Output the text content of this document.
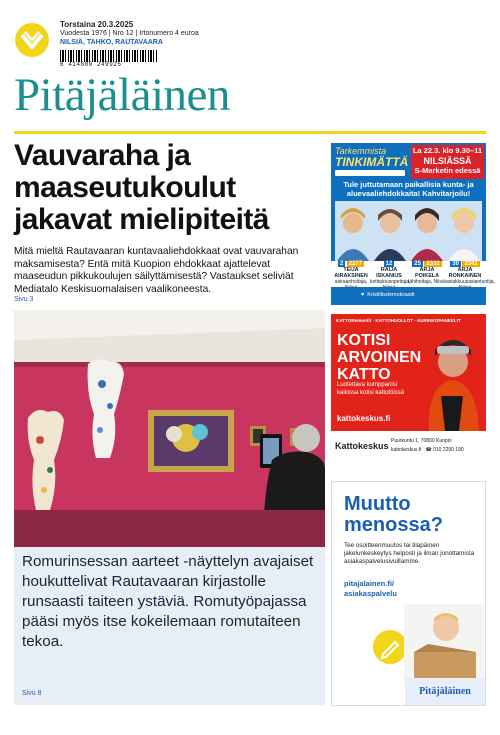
Torstaina 20.3.2025
Vuodesta 1976 | Nro 12 | Irtonumero 4 euroa
NILSIÄ, TAHKO, RAUTAVAARA
6 414880 249925
Pitäjäläinen
Vauvaraha ja maaseutukoulut jakavat mielipiteitä
Mitä mieltä Rautavaaran kuntavaaliehdokkaat ovat vauvarahan maksamisesta? Entä mitä Kuopion ehdokkaat ajattelevat maaseudun pikkukoulujen säilyttämisestä? Vastaukset seliviät Mediatalo Keskisuomalaisen vaalikoneesta.
Sivu 3
Romurinsessan aarteet -näyttelyn avajaiset houkuttelivat Rautavaaran kirjastolle runsaasti taiteen ystäviä. Romutyöpajassa pääsi myös itse kokeilemaan romutaiteen tekoa.
Sivu 8
Tarkemmista
TINKIMÄTTÄ
La 22.3. klo 9.30–11
NILSIÄSSÄ
S-Marketin edessä
Tule juttutamaan paikallisia kunta- ja aluevaaliehdokkaita! Kahvitarjoilu!
2 2277
TEIJA AIRAKSINEN
sairaanhoitaja,
12
RAIJA ISKANIUS
kotitalousopettaja,
25 2332
ARJA POIKELA
lähihoitaja, Nilsiä
30 2341
ARJA RONKAINEN
asiakkuusasiantuntija,
♥ Kristillisdemokraatit
KATTORemontit · KATTOHUOLLOT · AURINKOPANEELIT
KOTISI
ARVOINEN
KATTO
Luotettava kumppanisi kaikissa kotisi kattotöissä
kattokeskus.fi
Kattokeskus Puurkuntu 1, 70800 Kuopio
kattokeskus.fi ☎ 010 2290 190
Muutto
menossa?
Tee osoitteenmuutos tai tilapäinen jakelunkeskeytys helposti ja ilman jonottamista asiakaspalvelusivuillamme.
pitajalainen.fi/
asiakaspalvelu
Pitäjäläinen
